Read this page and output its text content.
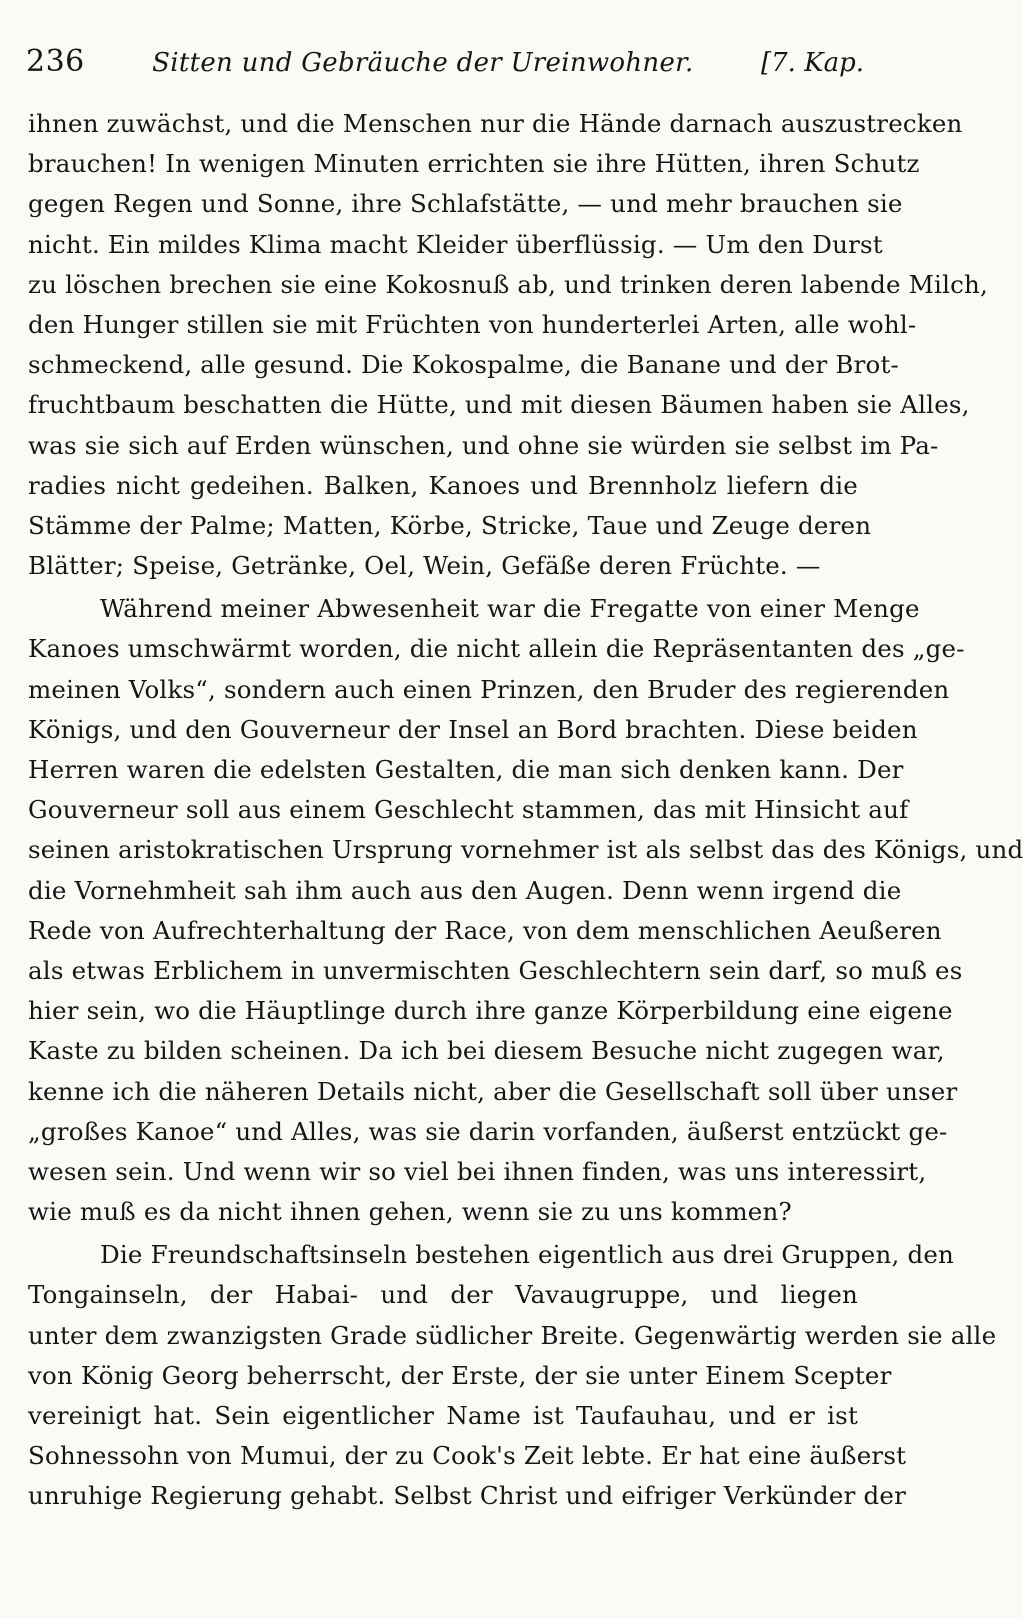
236	Sitten und Gebräuche der Ureinwohner.	[7. Kap.
ihnen zuwächst, und die Menschen nur die Hände darnach auszustrecken
brauchen! In wenigen Minuten errichten sie ihre Hütten, ihren Schutz
gegen Regen und Sonne, ihre Schlafstätte, — und mehr brauchen sie
nicht. Ein mildes Klima macht Kleider überflüssig. — Um den Durst
zu löschen brechen sie eine Kokosnuß ab, und trinken deren labende Milch,
den Hunger stillen sie mit Früchten von hunderterlei Arten, alle wohl-
schmeckend, alle gesund. Die Kokospalme, die Banane und der Brot-
fruchtbaum beschatten die Hütte, und mit diesen Bäumen haben sie Alles,
was sie sich auf Erden wünschen, und ohne sie würden sie selbst im Pa-
radies nicht gedeihen. Balken, Kanoes und Brennholz liefern die
Stämme der Palme; Matten, Körbe, Stricke, Taue und Zeuge deren
Blätter; Speise, Getränke, Oel, Wein, Gefäße deren Früchte. —
Während meiner Abwesenheit war die Fregatte von einer Menge
Kanoes umschwärmt worden, die nicht allein die Repräsentanten des „ge-
meinen Volks“, sondern auch einen Prinzen, den Bruder des regierenden
Königs, und den Gouverneur der Insel an Bord brachten. Diese beiden
Herren waren die edelsten Gestalten, die man sich denken kann. Der
Gouverneur soll aus einem Geschlecht stammen, das mit Hinsicht auf
seinen aristokratischen Ursprung vornehmer ist als selbst das des Königs, und
die Vornehmheit sah ihm auch aus den Augen. Denn wenn irgend die
Rede von Aufrechterhaltung der Race, von dem menschlichen Aeußeren
als etwas Erblichem in unvermischten Geschlechtern sein darf, so muß es
hier sein, wo die Häuptlinge durch ihre ganze Körperbildung eine eigene
Kaste zu bilden scheinen. Da ich bei diesem Besuche nicht zugegen war,
kenne ich die näheren Details nicht, aber die Gesellschaft soll über unser
„großes Kanoe“ und Alles, was sie darin vorfanden, äußerst entzückt ge-
wesen sein. Und wenn wir so viel bei ihnen finden, was uns interessirt,
wie muß es da nicht ihnen gehen, wenn sie zu uns kommen?
Die Freundschaftsinseln bestehen eigentlich aus drei Gruppen, den
Tongainseln, der Habai- und der Vavaugruppe, und liegen
unter dem zwanzigsten Grade südlicher Breite. Gegenwärtig werden sie alle
von König Georg beherrscht, der Erste, der sie unter Einem Scepter
vereinigt hat. Sein eigentlicher Name ist Taufauhau, und er ist
Sohnessohn von Mumui, der zu Cook's Zeit lebte. Er hat eine äußerst
unruhige Regierung gehabt. Selbst Christ und eifriger Verkünder der
